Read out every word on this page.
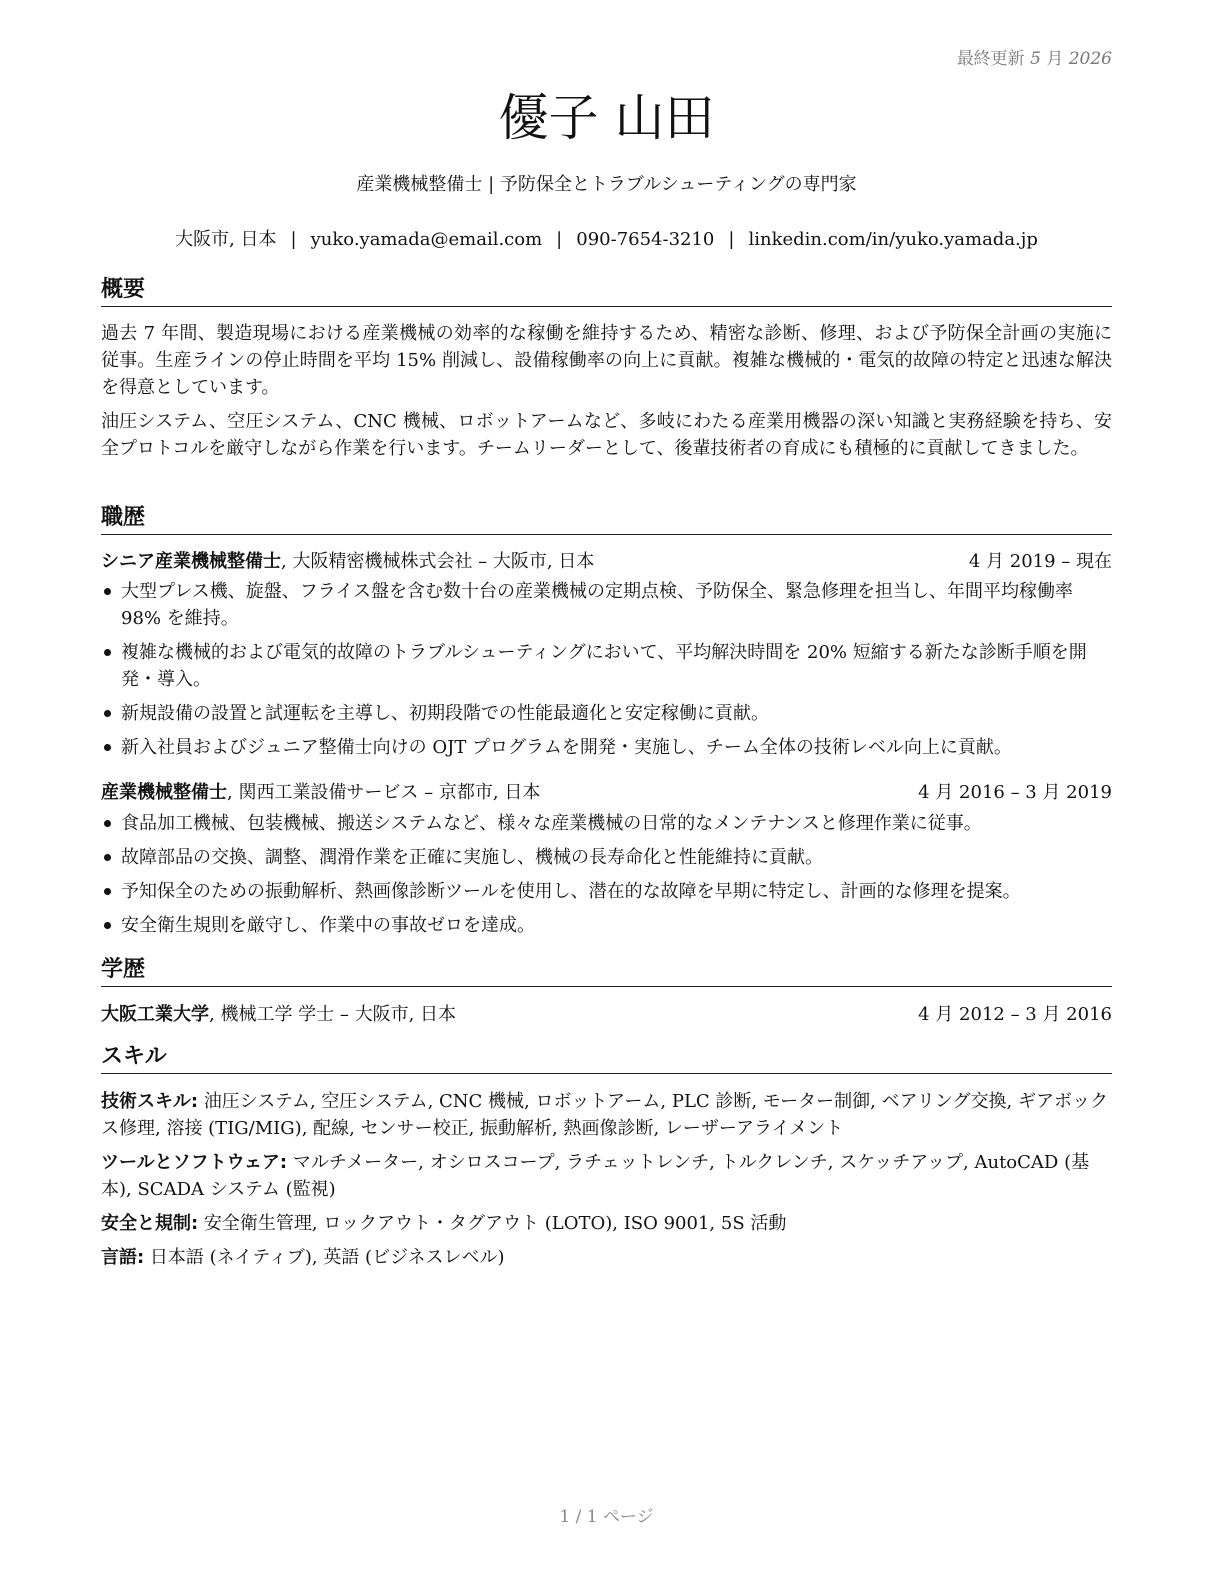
最終更新 5 月 2026
優子 山田
産業機械整備士 | 予防保全とトラブルシューティングの専門家
大阪市, 日本 | yuko.yamada@email.com | 090-7654-3210 | linkedin.com/in/yuko.yamada.jp
概要
過去 7 年間、製造現場における産業機械の効率的な稼働を維持するため、精密な診断、修理、および予防保全計画の実施に従事。生産ラインの停止時間を平均 15% 削減し、設備稼働率の向上に貢献。複雑な機械的・電気的故障の特定と迅速な解決を得意としています。
油圧システム、空圧システム、CNC 機械、ロボットアームなど、多岐にわたる産業用機器の深い知識と実務経験を持ち、安全プロトコルを厳守しながら作業を行います。チームリーダーとして、後輩技術者の育成にも積極的に貢献してきました。
職歴
シニア産業機械整備士, 大阪精密機械株式会社 – 大阪市, 日本	4 月 2019 – 現在
大型プレス機、旋盤、フライス盤を含む数十台の産業機械の定期点検、予防保全、緊急修理を担当し、年間平均稼働率 98% を維持。
複雑な機械的および電気的故障のトラブルシューティングにおいて、平均解決時間を 20% 短縮する新たな診断手順を開発・導入。
新規設備の設置と試運転を主導し、初期段階での性能最適化と安定稼働に貢献。
新入社員およびジュニア整備士向けの OJT プログラムを開発・実施し、チーム全体の技術レベル向上に貢献。
産業機械整備士, 関西工業設備サービス – 京都市, 日本	4 月 2016 – 3 月 2019
食品加工機械、包装機械、搬送システムなど、様々な産業機械の日常的なメンテナンスと修理作業に従事。
故障部品の交換、調整、潤滑作業を正確に実施し、機械の長寿命化と性能維持に貢献。
予知保全のための振動解析、熱画像診断ツールを使用し、潜在的な故障を早期に特定し、計画的な修理を提案。
安全衛生規則を厳守し、作業中の事故ゼロを達成。
学歴
大阪工業大学, 機械工学 学士 – 大阪市, 日本	4 月 2012 – 3 月 2016
スキル
技術スキル: 油圧システム, 空圧システム, CNC 機械, ロボットアーム, PLC 診断, モーター制御, ベアリング交換, ギアボックス修理, 溶接 (TIG/MIG), 配線, センサー校正, 振動解析, 熱画像診断, レーザーアライメント
ツールとソフトウェア: マルチメーター, オシロスコープ, ラチェットレンチ, トルクレンチ, スケッチアップ, AutoCAD (基本), SCADA システム (監視)
安全と規制: 安全衛生管理, ロックアウト・タグアウト (LOTO), ISO 9001, 5S 活動
言語: 日本語 (ネイティブ), 英語 (ビジネスレベル)
1 / 1 ページ
